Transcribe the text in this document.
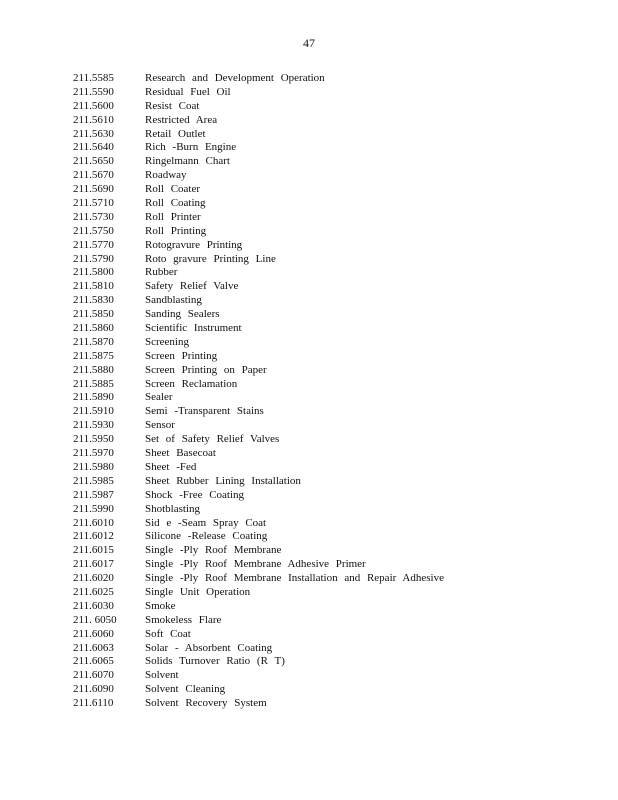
47
211.5585	Research and Development Operation
211.5590	Residual Fuel Oil
211.5600	Resist Coat
211.5610	Restricted Area
211.5630	Retail Outlet
211.5640	Rich -Burn Engine
211.5650	Ringelmann Chart
211.5670	Roadway
211.5690	Roll Coater
211.5710	Roll Coating
211.5730	Roll Printer
211.5750	Roll Printing
211.5770	Rotogravure Printing
211.5790	Roto gravure Printing Line
211.5800	Rubber
211.5810	Safety Relief Valve
211.5830	Sandblasting
211.5850	Sanding Sealers
211.5860	Scientific Instrument
211.5870	Screening
211.5875	Screen Printing
211.5880	Screen Printing on Paper
211.5885	Screen Reclamation
211.5890	Sealer
211.5910	Semi -Transparent Stains
211.5930	Sensor
211.5950	Set of Safety Relief Valves
211.5970	Sheet Basecoat
211.5980	Sheet -Fed
211.5985	Sheet Rubber Lining Installation
211.5987	Shock -Free Coating
211.5990	Shotblasting
211.6010	Sid e -Seam Spray Coat
211.6012	Silicone -Release Coating
211.6015	Single -Ply Roof Membrane
211.6017	Single -Ply Roof Membrane Adhesive Primer
211.6020	Single -Ply Roof Membrane Installation and Repair Adhesive
211.6025	Single Unit Operation
211.6030	Smoke
211. 6050	Smokeless Flare
211.6060	Soft Coat
211.6063	Solar - Absorbent Coating
211.6065	Solids Turnover Ratio (R T)
211.6070	Solvent
211.6090	Solvent Cleaning
211.6110	Solvent Recovery System
